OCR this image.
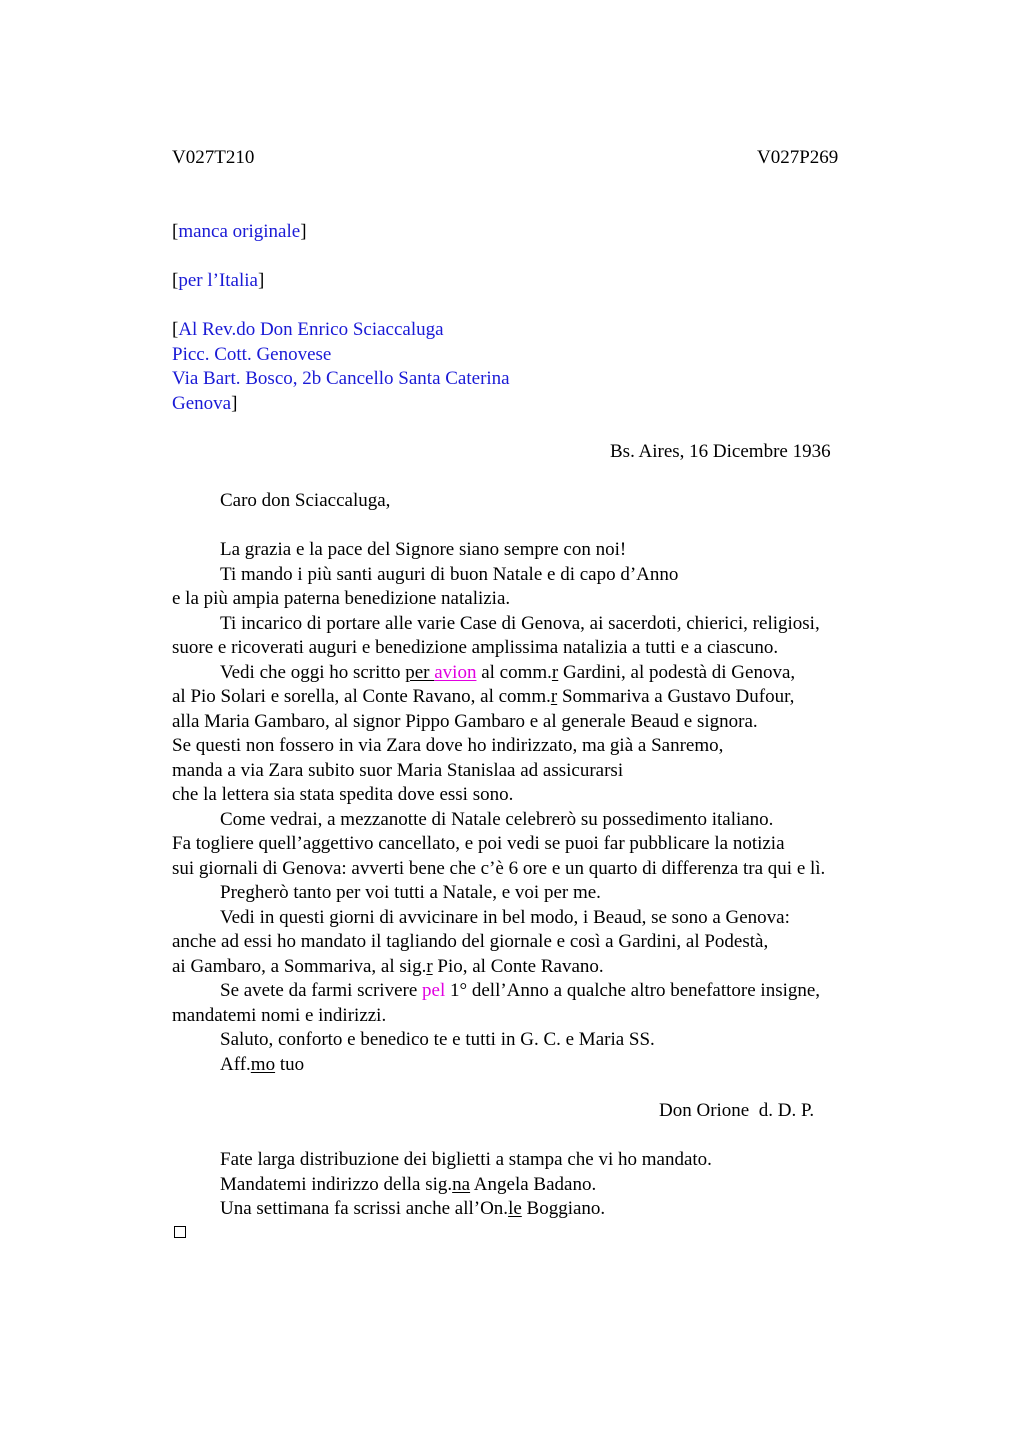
V027T210	V027P269
[manca originale]
[per l’Italia]
[Al Rev.do Don Enrico Sciaccaluga
Picc. Cott. Genovese
Via Bart. Bosco, 2b Cancello Santa Caterina
Genova]
Bs. Aires, 16 Dicembre 1936
Caro don Sciaccaluga,
La grazia e la pace del Signore siano sempre con noi!
Ti mando i più santi auguri di buon Natale e di capo d’Anno
e la più ampia paterna benedizione natalizia.
Ti incarico di portare alle varie Case di Genova, ai sacerdoti, chierici, religiosi,
suore e ricoverati auguri e benedizione amplissima natalizia a tutti e a ciascuno.
Vedi che oggi ho scritto per avion al comm.r Gardini, al podestà di Genova,
al Pio Solari e sorella, al Conte Ravano, al comm.r Sommariva a Gustavo Dufour,
alla Maria Gambaro, al signor Pippo Gambaro e al generale Beaud e signora.
Se questi non fossero in via Zara dove ho indirizzato, ma già a Sanremo,
manda a via Zara subito suor Maria Stanislaa ad assicurarsi
che la lettera sia stata spedita dove essi sono.
Come vedrai, a mezzanotte di Natale celebrerò su possedimento italiano.
Fa togliere quell’aggettivo cancellato, e poi vedi se puoi far pubblicare la notizia
sui giornali di Genova: avverti bene che c’è 6 ore e un quarto di differenza tra qui e lì.
Pregherò tanto per voi tutti a Natale, e voi per me.
Vedi in questi giorni di avvicinare in bel modo, i Beaud, se sono a Genova:
anche ad essi ho mandato il tagliando del giornale e così a Gardini, al Podestà,
ai Gambaro, a Sommariva, al sig.r Pio, al Conte Ravano.
Se avete da farmi scrivere pel 1° dell’Anno a qualche altro benefattore insigne,
mandatemi nomi e indirizzi.
Saluto, conforto e benedico te e tutti in G. C. e Maria SS.
Aff.mo tuo
Don Orione  d. D. P.
Fate larga distribuzione dei biglietti a stampa che vi ho mandato.
Mandatemi indirizzo della sig.na Angela Badano.
Una settimana fa scrissi anche all’On.le Boggiano.
